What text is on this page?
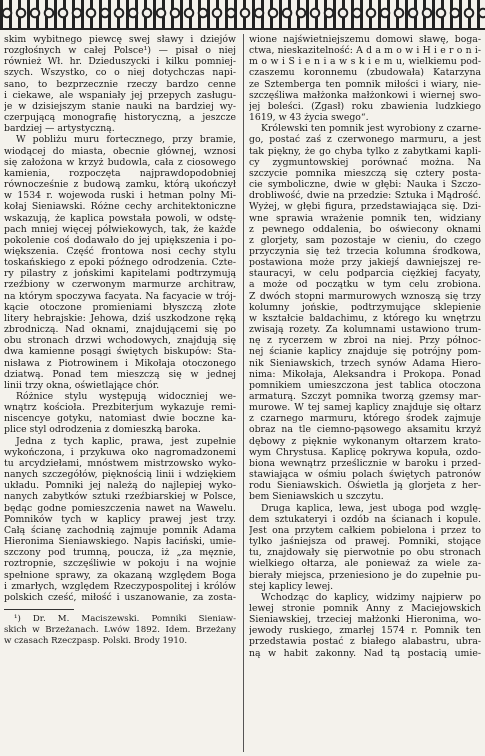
skim wybitnego piewcę swej sławy i dziejów
rozgłośnych w całej Polsce¹) — pisał o niej
również Wł. hr. Dzieduszycki i kilku pomniej-
szych. Wszystko, co o niej dotychczas napi-
sano, to bezprzecznie rzeczy bardzo cenne
i ciekawe, ale wspaniały jej przepych zasługu-
je w dzisiejszym stanie nauki na bardziej wy-
czerpującą monografię historyczną, a jeszcze
bardziej — artystyczną.
W pobliżu muru fortecznego, przy bramie,
wiodącej do miasta, obecnie głównej, wznosi
się założona w krzyż budowla, cała z ciosowego
kamienia, rozpoczęta najprawdopodobniej
równocześnie z budową zamku, którą ukończył
w 1534 r. wojewoda ruski i hetman polny Mi-
kołaj Sieniawski. Różne cechy architektoniczne
wskazują, że kaplica powstała powoli, w odstę-
pach mniej więcej półwiekowych, tak, że każde
pokolenie coś dodawało do jej upiększenia i po-
większenia. Część frontowa nosi cechy stylu
toskańskiego z epoki późnego odrodzenia. Czte-
ry pilastry z jońskimi kapitelami podtrzymują
rzeźbiony w czerwonym marmurze architraw,
na którym spoczywa facyata. Na facyacie w trój-
kącie otoczone promieniami błyszczą złote
litery hebrajskie: Jehowa, dziś uszkodzone ręką
zbrodniczą. Nad oknami, znajdującemi się po
obu stronach drzwi wchodowych, znajdują się
dwa kamienne posągi świętych biskupów: Sta-
nisława z Piotrowinem i Mikołaja otoczonego
dziatwą. Ponad tem mieszczą się w jednej
linii trzy okna, oświetlające chór.
Różnice stylu występują widoczniej we-
wnątrz kościoła. Prezbiterjum wykazuje remi-
niscencye gotyku, natomiast dwie boczne ka-
plice styl odrodzenia z domieszką baroka.
Jedna z tych kaplic, prawa, jest zupełnie
wykończona, i przykuwa oko nagromadzonemi
tu arcydziełami, mnóstwem mistrzowsko wyko-
nanych szczegółów, pięknością linii i wdziękiem
układu. Pomniki jej należą do najlepiej wyko-
nanych zabytków sztuki rzeźbiarskiej w Polsce,
będąc godne pomieszczenia nawet na Wawelu.
Pomników tych w kaplicy prawej jest trzy.
Całą ścianę zachodnią zajmuje pomnik Adama
Hieronima Sieniawskiego. Napis łaciński, umie-
szczony pod trumną, poucza, iż „za męznie,
roztropnie, szczęśliwie w pokoju i na wojnie
spełnione sprawy, za okazaną względem Boga
i zmarłych, względem Rzeczypospolitej i królów
polskich cześć, miłość i uszanowanie, za zosta-
¹) Dr. M. Maciszewski. Pomniki Sieniaw-
skich w Brzeżanach. Lwów 1892. Idem. Brzeżany
w czasach Rzeczpasp. Polski. Brody 1910.
wione najświetniejszemu domowi sławę, boga-
ctwa, nieskazitelność: A d a m o w i H i e r o n i-
m o w i S i e n i a w s k i e m u, wielkiemu pod-
czaszemu koronnemu (zbudowała) Katarzyna
ze Sztemberga ten pomnik miłości i wiary, nie-
szczęśliwa małżonka małżonkowi i wiernej swo-
jej boleści. (Zgasł) roku zbawienia ludzkiego
1619, w 43 życia swego“.
Królewski ten pomnik jest wyrobiony z czarne-
go, postać zaś z czerwonego marmuru, a jest
tak piękny, że go chyba tylko z zabytkami kapli-
cy zygmuntowskiej porównać można. Na
szczycie pomnika mieszczą się cztery posta-
cie symboliczne, dwie w głębi: Nauka i Szczo-
drobliwość, dwie na przedzie: Sztuka i Mądrość.
Wyżej, w głębi figura, przedstawiająca się. Dzi-
wne sprawia wrażenie pomnik ten, widziany
z pewnego oddalenia, bo oświecony oknami
z glorjety, sam pozostaje w cieniu, do czego
przyczynia się też trzecia kolumna środkowa,
postawiona może przy jakiejś dawniejszej re-
stauracyi, w celu podparcia ciężkiej facyaty,
a może od początku w tym celu zrobiona.
Z dwóch stopni marmurowych wznoszą się trzy
kolumny jońskie, podtrzymujące sklepienie
w kształcie baldachimu, z którego ku wnętrzu
zwisają rozety. Za kolumnami ustawiono trum-
nę z rycerzem w zbroi na niej. Przy północ-
nej ścianie kaplicy znajduje się potrójny pom-
nik Sieniawskich, trzech synów Adama Hiero-
nima: Mikołaja, Aleksandra i Prokopa. Ponad
pomnikiem umieszczona jest tablica otoczona
armaturą. Szczyt pomnika tworzą gzemsy mar-
murowe. W tej samej kaplicy znajduje się ołtarz
z czarnego marmuru, którego środek zajmuje
obraz na tle ciemno-pąsowego aksamitu krzyż
dębowy z pięknie wykonanym ołtarzem krato-
wym Chrystusa. Kaplicę pokrywa kopuła, ozdo-
biona wewnątrz prześlicznie w baroku i przed-
stawiająca w ośmiu polach świętych patronów
rodu Sieniawskich. Oświetla ją glorjeta z her-
bem Sieniawskich u szczytu.
Druga kaplica, lewa, jest uboga pod wzglę-
dem sztukateryi i ozdób na ścianach i kopule.
Jest ona przytem całkiem pobielona i przez to
tylko jaśniejsza od prawej. Pomniki, stojące
tu, znajdowały się pierwotnie po obu stronach
wielkiego ołtarza, ale ponieważ za wiele za-
bierały miejsca, przeniesiono je do zupełnie pu-
stej kaplicy lewej.
Wchodząc do kaplicy, widzimy najpierw po
lewej stronie pomnik Anny z Maciejowskich
Sieniawskiej, trzeciej małżonki Hieronima, wo-
jewody ruskiego, zmarłej 1574 r. Pomnik ten
przedstawia postać z białego alabastru, ubra-
ną w habit zakonny. Nad tą postacią umie-
